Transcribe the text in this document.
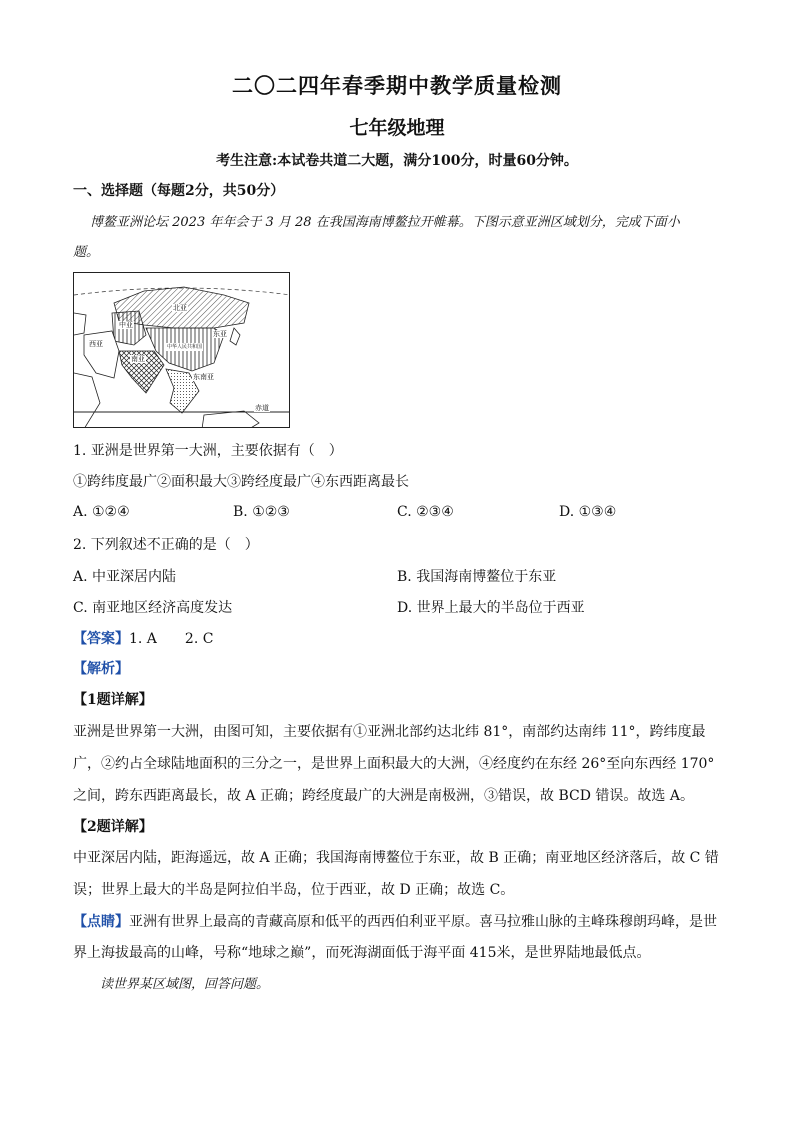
二〇二四年春季期中教学质量检测
七年级地理
考生注意:本试卷共道二大题，满分100分，时量60分钟。
一、选择题（每题2分，共50分）
博鳌亚洲论坛 2023 年年会于 3 月 28 在我国海南博鳌拉开帷幕。下图示意亚洲区域划分，完成下面小
题。
北亚
中亚
西亚
东亚
南亚
东南亚
中华人民共和国
赤道
1. 亚洲是世界第一大洲，主要依据有（　）
①跨纬度最广②面积最大③跨经度最广④东西距离最长
A. ①②④	B. ①②③	C. ②③④	D. ①③④
2. 下列叙述不正确的是（　）
A. 中亚深居内陆	B. 我国海南博鳌位于东亚
C. 南亚地区经济高度发达	D. 世界上最大的半岛位于西亚
【答案】1. A　　2. C
【解析】
【1题详解】
亚洲是世界第一大洲，由图可知，主要依据有①亚洲北部约达北纬 81°，南部约达南纬 11°，跨纬度最
广，②约占全球陆地面积的三分之一，是世界上面积最大的大洲，④经度约在东经 26°至向东西经 170°
之间，跨东西距离最长，故 A 正确；跨经度最广的大洲是南极洲，③错误，故 BCD 错误。故选 A。
【2题详解】
中亚深居内陆，距海遥远，故 A 正确；我国海南博鳌位于东亚，故 B 正确；南亚地区经济落后，故 C 错
误；世界上最大的半岛是阿拉伯半岛，位于西亚，故 D 正确；故选 C。
【点睛】亚洲有世界上最高的青藏高原和低平的西西伯利亚平原。喜马拉雅山脉的主峰珠穆朗玛峰，是世
界上海拔最高的山峰，号称“地球之巅”，而死海湖面低于海平面 415米，是世界陆地最低点。
读世界某区域图，回答问题。
